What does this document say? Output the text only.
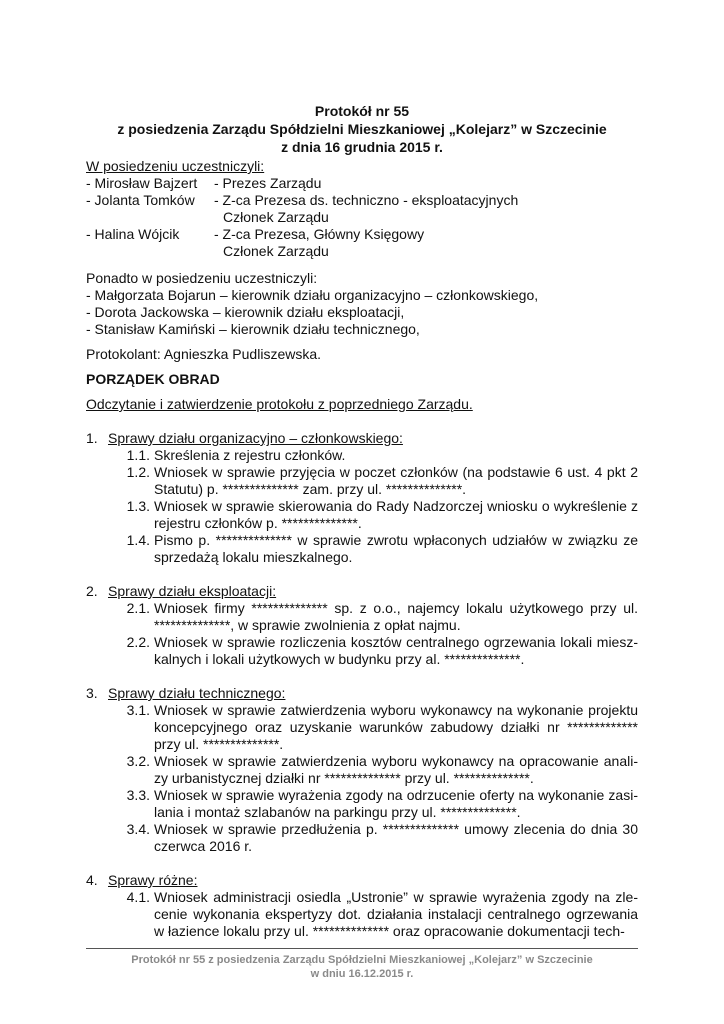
Protokół nr 55
z posiedzenia Zarządu Spółdzielni Mieszkaniowej „Kolejarz” w Szczecinie
z dnia 16 grudnia 2015 r.
W posiedzeniu uczestniczyli:
- Mirosław Bajzert	- Prezes Zarządu

- Jolanta Tomków	- Z-ca Prezesa ds. techniczno - eksploatacyjnych
Członek Zarządu

- Halina Wójcik	- Z-ca Prezesa, Główny Księgowy
Członek Zarządu
Ponadto w posiedzeniu uczestniczyli:
- Małgorzata Bojarun – kierownik działu organizacyjno – członkowskiego,
- Dorota Jackowska – kierownik działu eksploatacji,
- Stanisław Kamiński – kierownik działu technicznego,
Protokolant: Agnieszka Pudliszewska.
PORZĄDEK OBRAD
Odczytanie i zatwierdzenie protokołu z poprzedniego Zarządu.
1. Sprawy działu organizacyjno – członkowskiego:
1.1. Skreślenia z rejestru członków.
1.2. Wniosek w sprawie przyjęcia w poczet członków (na podstawie 6 ust. 4 pkt 2 Statutu) p. ************** zam. przy ul. **************.
1.3. Wniosek w sprawie skierowania do Rady Nadzorczej wniosku o wykreślenie z rejestru członków p. **************.
1.4. Pismo p. ************** w sprawie zwrotu wpłaconych udziałów w związku ze sprzedażą lokalu mieszkalnego.
2. Sprawy działu eksploatacji:
2.1. Wniosek firmy ************** sp. z o.o., najemcy lokalu użytkowego przy ul. **************, w sprawie zwolnienia z opłat najmu.
2.2. Wniosek w sprawie rozliczenia kosztów centralnego ogrzewania lokali miesz-kalnych i lokali użytkowych w budynku przy al. **************.
3. Sprawy działu technicznego:
3.1. Wniosek w sprawie zatwierdzenia wyboru wykonawcy na wykonanie projektu koncepcyjnego oraz uzyskanie warunków zabudowy działki nr ************* przy ul. **************.
3.2. Wniosek w sprawie zatwierdzenia wyboru wykonawcy na opracowanie anali-zy urbanistycznej działki nr ************** przy ul. **************.
3.3. Wniosek w sprawie wyrażenia zgody na odrzucenie oferty na wykonanie zasi-lania i montaż szlabanów na parkingu przy ul. **************.
3.4. Wniosek w sprawie przedłużenia p. ************** umowy zlecenia do dnia 30 czerwca 2016 r.
4. Sprawy różne:
4.1. Wniosek administracji osiedla „Ustronie” w sprawie wyrażenia zgody na zle-cenie wykonania ekspertyzy dot. działania instalacji centralnego ogrzewania w łazience lokalu przy ul. ************** oraz opracowanie dokumentacji tech-
Protokół nr 55 z posiedzenia Zarządu Spółdzielni Mieszkaniowej „Kolejarz” w Szczecinie
w dniu 16.12.2015 r.
